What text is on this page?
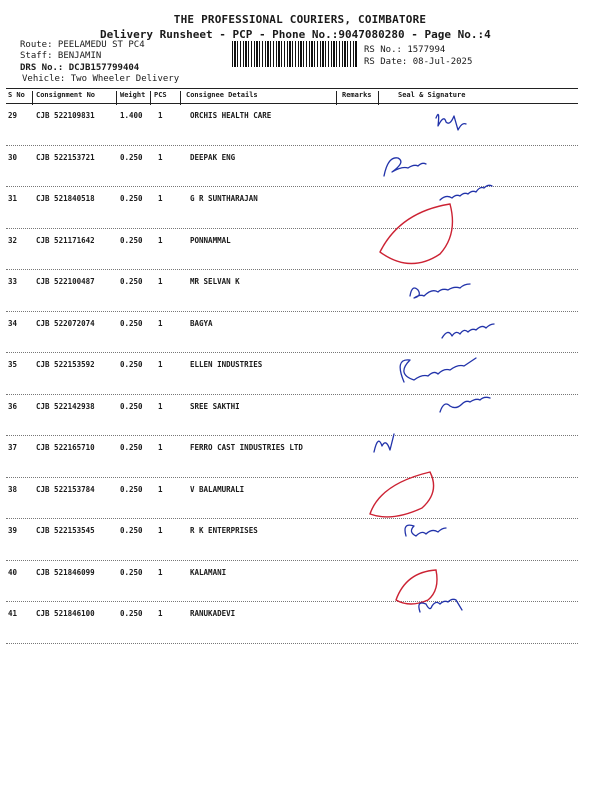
THE PROFESSIONAL COURIERS, COIMBATORE
Delivery Runsheet - PCP - Phone No.:9047080280 - Page No.:4
Route: PEELAMEDU ST PC4
Staff: BENJAMIN
DRS No.: DCJB157799404
Vehicle: Two Wheeler Delivery
RS No.: 1577994
RS Date: 08-Jul-2025
S No Consignment No	Weight PCS	Consignee Details	Remarks	Seal & Signature
29	CJB 522109831	1.400 1	ORCHIS HEALTH CARE
30	CJB 522153721	0.250 1	DEEPAK ENG
31	CJB 521840518	0.250 1	G R SUNTHARAJAN
32	CJB 521171642	0.250 1	PONNAMMAL
33	CJB 522100487	0.250 1	MR SELVAN K
34	CJB 522072074	0.250 1	BAGYA
35	CJB 522153592	0.250 1	ELLEN INDUSTRIES
36	CJB 522142938	0.250 1	SREE SAKTHI
37	CJB 522165710	0.250 1	FERRO CAST INDUSTRIES LTD
38	CJB 522153784	0.250 1	V BALAMURALI
39	CJB 522153545	0.250 1	R K ENTERPRISES
40	CJB 521846099	0.250 1	KALAMANI
41	CJB 521846100	0.250 1	RANUKADEVI
9943807908
H/R
99943604559
ATI
H/R
